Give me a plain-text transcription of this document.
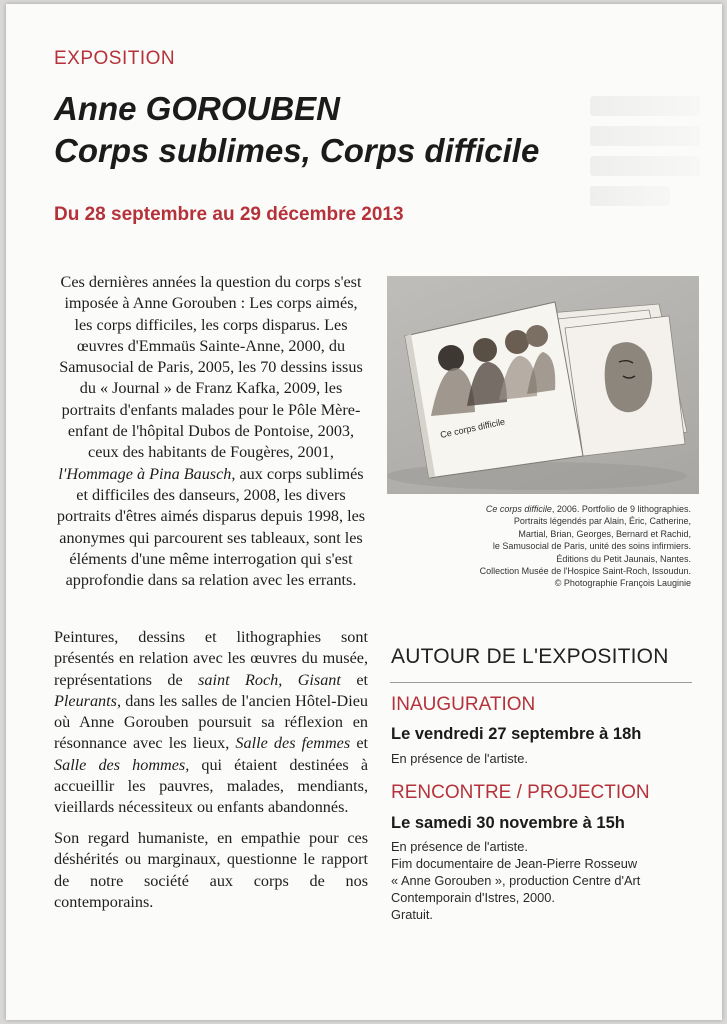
EXPOSITION
Anne GOROUBEN
Corps sublimes, Corps difficile
Du 28 septembre au 29 décembre 2013
Ces dernières années la question du corps s'est imposée à Anne Gorouben : Les corps aimés, les corps difficiles, les corps disparus. Les œuvres d'Emmaüs Sainte-Anne, 2000, du Samusocial de Paris, 2005, les 70 dessins issus du « Journal » de Franz Kafka, 2009, les portraits d'enfants malades pour le Pôle Mère-enfant de l'hôpital Dubos de Pontoise, 2003, ceux des habitants de Fougères, 2001, l'Hommage à Pina Bausch, aux corps sublimés et difficiles des danseurs, 2008, les divers portraits d'êtres aimés disparus depuis 1998, les anonymes qui parcourent ses tableaux, sont les éléments d'une même interrogation qui s'est approfondie dans sa relation avec les errants.
Peintures, dessins et lithographies sont présentés en relation avec les œuvres du musée, représentations de saint Roch, Gisant et Pleurants, dans les salles de l'ancien Hôtel-Dieu où Anne Gorouben poursuit sa réflexion en résonnance avec les lieux, Salle des femmes et Salle des hommes, qui étaient destinées à accueillir les pauvres, malades, mendiants, vieillards nécessiteux ou enfants abandonnés.
Son regard humaniste, en empathie pour ces déshérités ou marginaux, questionne le rapport de notre société aux corps de nos contemporains.
Ce corps difficile
Ce corps difficile, 2006. Portfolio de 9 lithographies.
Portraits légendés par Alain, Éric, Catherine,
Martial, Brian, Georges, Bernard et Rachid,
le Samusocial de Paris, unité des soins infirmiers.
Éditions du Petit Jaunais, Nantes.
Collection Musée de l'Hospice Saint-Roch, Issoudun.
© Photographie François Lauginie
AUTOUR DE L'EXPOSITION
INAUGURATION
Le vendredi 27 septembre à 18h
En présence de l'artiste.
RENCONTRE / PROJECTION
Le samedi 30 novembre à 15h
En présence de l'artiste.
Fim documentaire de Jean-Pierre Rosseuw
« Anne Gorouben », production Centre d'Art
Contemporain d'Istres, 2000.
Gratuit.
